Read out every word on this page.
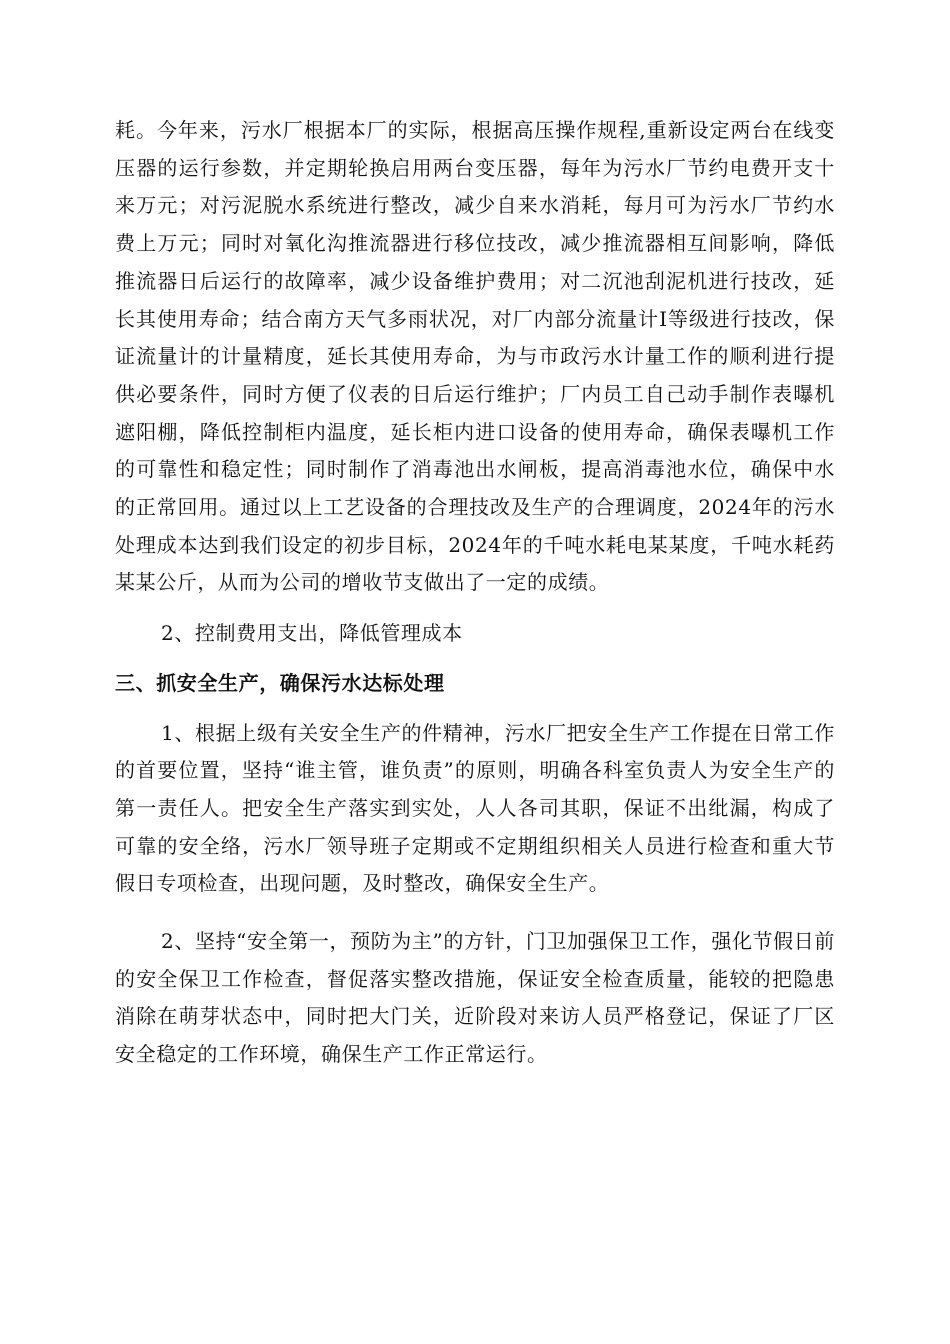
耗。今年来，污水厂根据本厂的实际，根据高压操作规程,重新设定两台在线变压器的运行参数，并定期轮换启用两台变压器，每年为污水厂节约电费开支十来万元；对污泥脱水系统进行整改，减少自来水消耗，每月可为污水厂节约水费上万元；同时对氧化沟推流器进行移位技改，减少推流器相互间影响，降低推流器日后运行的故障率，减少设备维护费用；对二沉池刮泥机进行技改，延长其使用寿命；结合南方天气多雨状况，对厂内部分流量计Ⅰ等级进行技改，保证流量计的计量精度，延长其使用寿命，为与市政污水计量工作的顺利进行提供必要条件，同时方便了仪表的日后运行维护；厂内员工自己动手制作表曝机遮阳棚，降低控制柜内温度，延长柜内进口设备的使用寿命，确保表曝机工作的可靠性和稳定性；同时制作了消毒池出水闸板，提高消毒池水位，确保中水的正常回用。通过以上工艺设备的合理技改及生产的合理调度，2024年的污水处理成本达到我们设定的初步目标，2024年的千吨水耗电某某度，千吨水耗药某某公斤，从而为公司的增收节支做出了一定的成绩。

2、控制费用支出，降低管理成本

三、抓安全生产，确保污水达标处理

1、根据上级有关安全生产的件精神，污水厂把安全生产工作提在日常工作的首要位置，坚持“谁主管，谁负责”的原则，明确各科室负责人为安全生产的第一责任人。把安全生产落实到实处，人人各司其职，保证不出纰漏，构成了可靠的安全络，污水厂领导班子定期或不定期组织相关人员进行检查和重大节假日专项检查，出现问题，及时整改，确保安全生产。

2、坚持“安全第一，预防为主”的方针，门卫加强保卫工作，强化节假日前的安全保卫工作检查，督促落实整改措施，保证安全检查质量，能较的把隐患消除在萌芽状态中，同时把大门关，近阶段对来访人员严格登记，保证了厂区安全稳定的工作环境，确保生产工作正常运行。
